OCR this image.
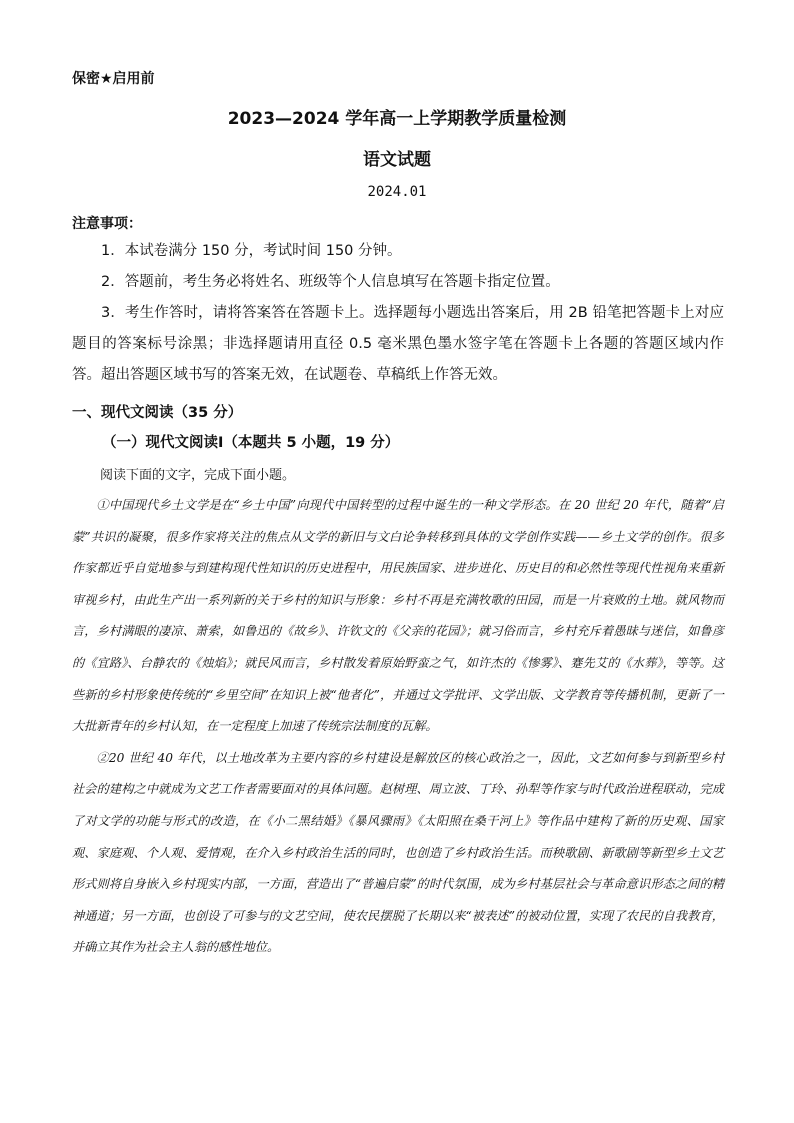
保密★启用前
2023—2024 学年高一上学期教学质量检测
语文试题
2024.01
注意事项：

1．本试卷满分 150 分，考试时间 150 分钟。

2．答题前，考生务必将姓名、班级等个人信息填写在答题卡指定位置。

3．考生作答时，请将答案答在答题卡上。选择题每小题选出答案后，用 2B 铅笔把答题卡上对应题目的答案标号涂黑；非选择题请用直径 0.5 毫米黑色墨水签字笔在答题卡上各题的答题区域内作答。超出答题区域书写的答案无效，在试题卷、草稿纸上作答无效。

一、现代文阅读（35 分）
（一）现代文阅读Ⅰ（本题共 5 小题，19 分）
阅读下面的文字，完成下面小题。

①中国现代乡土文学是在“乡土中国”向现代中国转型的过程中诞生的一种文学形态。在 20 世纪 20 年代，随着“启蒙”共识的凝聚，很多作家将关注的焦点从文学的新旧与文白论争转移到具体的文学创作实践——乡土文学的创作。很多作家都近乎自觉地参与到建构现代性知识的历史进程中，用民族国家、进步进化、历史目的和必然性等现代性视角来重新审视乡村，由此生产出一系列新的关于乡村的知识与形象：乡村不再是充满牧歌的田园，而是一片衰败的土地。就风物而言，乡村满眼的凄凉、萧索，如鲁迅的《故乡》、许钦文的《父亲的花园》；就习俗而言，乡村充斥着愚昧与迷信，如鲁彦的《宜路》、台静农的《烛焰》；就民风而言，乡村散发着原始野蛮之气，如许杰的《惨雾》、蹇先艾的《水葬》，等等。这些新的乡村形象使传统的“乡里空间”在知识上被“他者化”，并通过文学批评、文学出版、文学教育等传播机制，更新了一大批新青年的乡村认知，在一定程度上加速了传统宗法制度的瓦解。

②20 世纪 40 年代，以土地改革为主要内容的乡村建设是解放区的核心政治之一，因此，文艺如何参与到新型乡村社会的建构之中就成为文艺工作者需要面对的具体问题。赵树理、周立波、丁玲、孙犁等作家与时代政治进程联动，完成了对文学的功能与形式的改造，在《小二黑结婚》《暴风骤雨》《太阳照在桑干河上》等作品中建构了新的历史观、国家观、家庭观、个人观、爱情观，在介入乡村政治生活的同时，也创造了乡村政治生活。而秧歌剧、新歌剧等新型乡土文艺形式则将自身嵌入乡村现实内部，一方面，营造出了“普遍启蒙”的时代氛围，成为乡村基层社会与革命意识形态之间的精神通道；另一方面，也创设了可参与的文艺空间，使农民摆脱了长期以来“被表述”的被动位置，实现了农民的自我教育，并确立其作为社会主人翁的感性地位。
